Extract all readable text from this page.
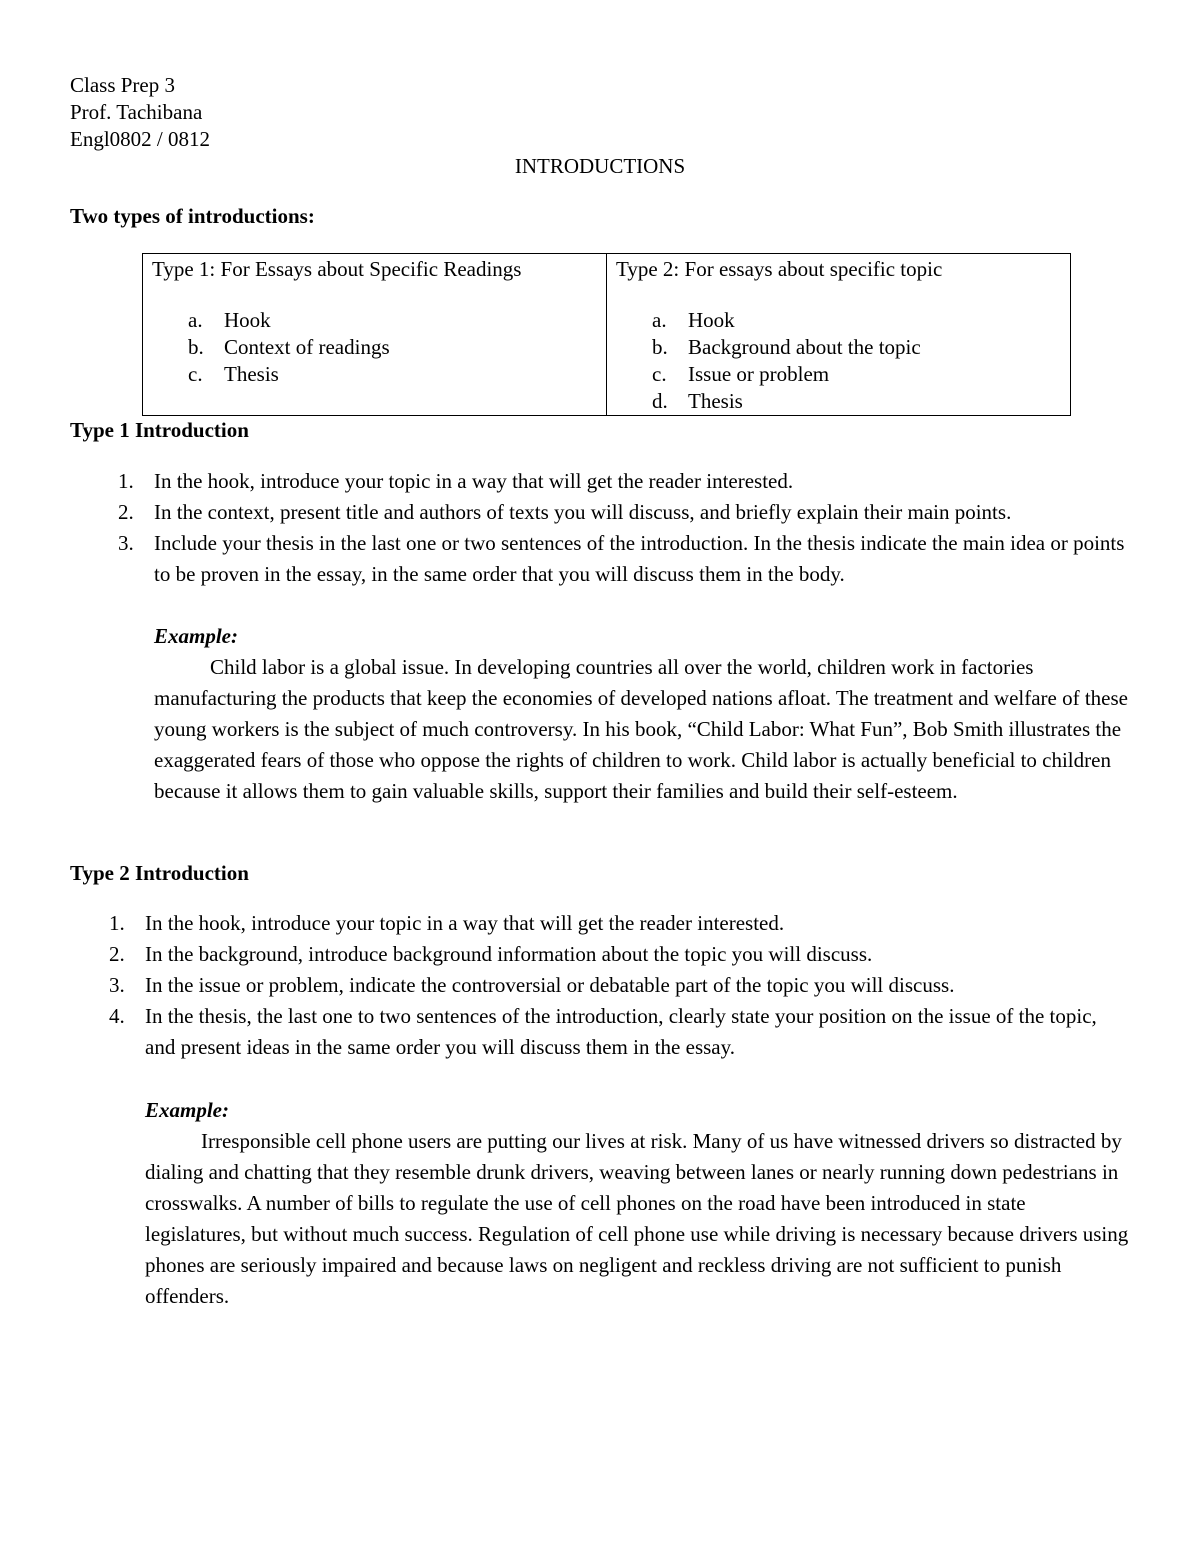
Class Prep 3
Prof. Tachibana
Engl0802 / 0812
INTRODUCTIONS
Two types of introductions:
Type 1: For Essays about Specific Readings
a.	Hook
b. Context of readings
c.	Thesis

Type 2: For essays about specific topic
a.	Hook
b. Background about the topic
c.	Issue or problem
d. Thesis
Type 1 Introduction
1. In the hook, introduce your topic in a way that will get the reader interested.
2. In the context, present title and authors of texts you will discuss, and briefly explain their main points.
3. Include your thesis in the last one or two sentences of the introduction. In the thesis indicate the main idea or points to be proven in the essay, in the same order that you will discuss them in the body.
Example:

Child labor is a global issue. In developing countries all over the world, children work in factories manufacturing the products that keep the economies of developed nations afloat. The treatment and welfare of these young workers is the subject of much controversy. In his book, “Child Labor: What Fun”, Bob Smith illustrates the exaggerated fears of those who oppose the rights of children to work. Child labor is actually beneficial to children because it allows them to gain valuable skills, support their families and build their self-esteem.

Type 2 Introduction
1. In the hook, introduce your topic in a way that will get the reader interested.
2. In the background, introduce background information about the topic you will discuss.
3. In the issue or problem, indicate the controversial or debatable part of the topic you will discuss.
4. In the thesis, the last one to two sentences of the introduction, clearly state your position on the issue of the topic, and present ideas in the same order you will discuss them in the essay.
Example:

Irresponsible cell phone users are putting our lives at risk. Many of us have witnessed drivers so distracted by dialing and chatting that they resemble drunk drivers, weaving between lanes or nearly running down pedestrians in crosswalks. A number of bills to regulate the use of cell phones on the road have been introduced in state legislatures, but without much success. Regulation of cell phone use while driving is necessary because drivers using phones are seriously impaired and because laws on negligent and reckless driving are not sufficient to punish offenders.
